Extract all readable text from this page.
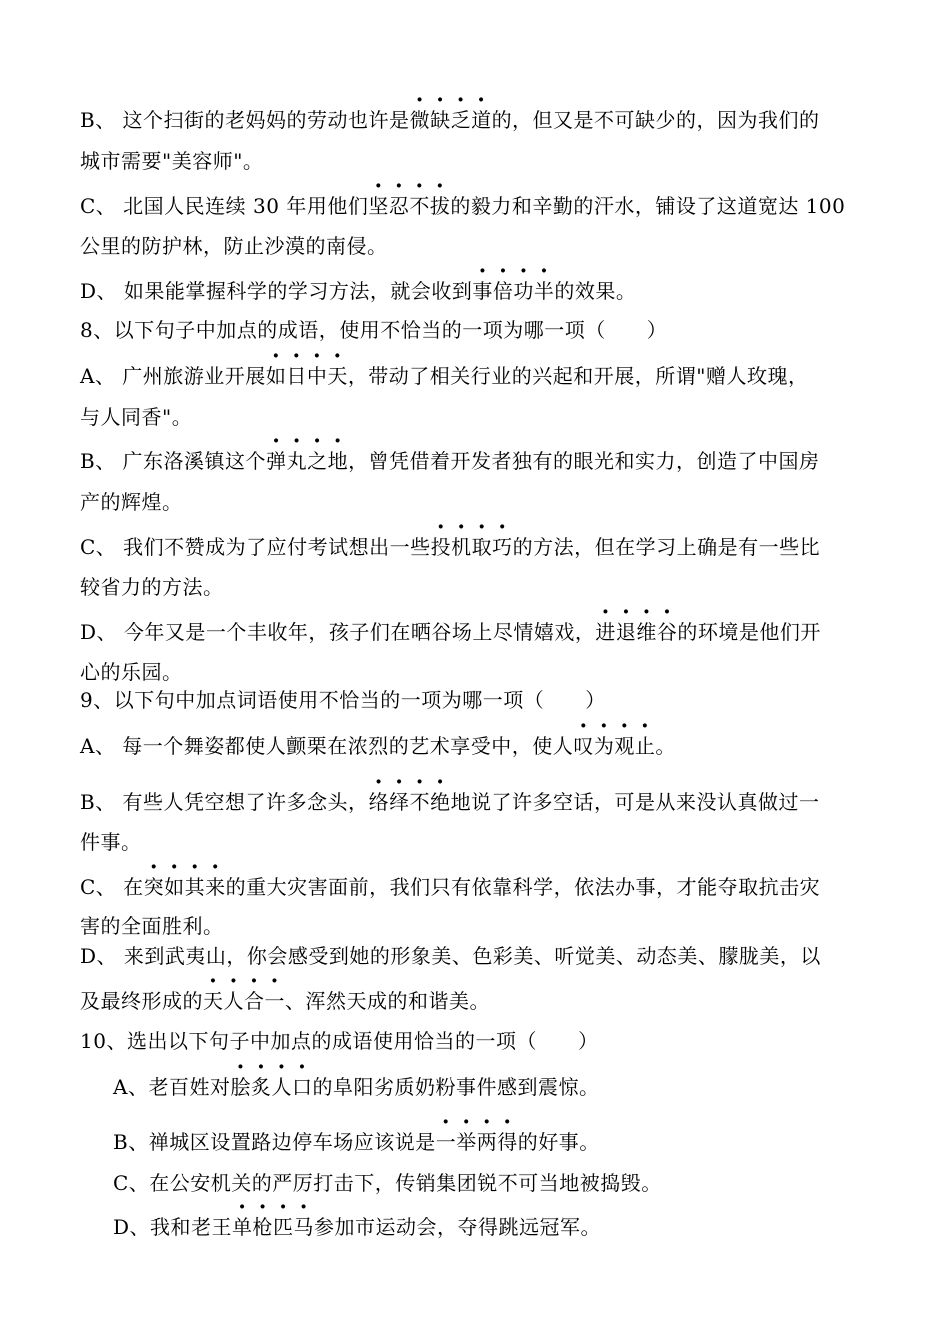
B、 这个扫街的老妈妈的劳动也许是微缺乏道的，但又是不可缺少的，因为我们的
城市需要"美容师"。
C、 北国人民连续 30 年用他们坚忍不拔的毅力和辛勤的汗水，铺设了这道宽达 100
公里的防护林，防止沙漠的南侵。
D、 如果能掌握科学的学习方法，就会收到事倍功半的效果。
8、以下句子中加点的成语，使用不恰当的一项为哪一项（　　）
A、 广州旅游业开展如日中天，带动了相关行业的兴起和开展，所谓"赠人玫瑰，
与人同香"。
B、 广东洛溪镇这个弹丸之地，曾凭借着开发者独有的眼光和实力，创造了中国房
产的辉煌。
C、 我们不赞成为了应付考试想出一些投机取巧的方法，但在学习上确是有一些比
较省力的方法。
D、 今年又是一个丰收年，孩子们在晒谷场上尽情嬉戏，进退维谷的环境是他们开
心的乐园。
9、以下句中加点词语使用不恰当的一项为哪一项（　　）
A、 每一个舞姿都使人颤栗在浓烈的艺术享受中，使人叹为观止。
B、 有些人凭空想了许多念头，络绎不绝地说了许多空话，可是从来没认真做过一
件事。
C、 在突如其来的重大灾害面前，我们只有依靠科学，依法办事，才能夺取抗击灾
害的全面胜利。
D、 来到武夷山，你会感受到她的形象美、色彩美、听觉美、动态美、朦胧美，以
及最终形成的天人合一、浑然天成的和谐美。
10、选出以下句子中加点的成语使用恰当的一项（　　）
A、老百姓对脍炙人口的阜阳劣质奶粉事件感到震惊。
B、禅城区设置路边停车场应该说是一举两得的好事。
C、在公安机关的严厉打击下，传销集团锐不可当地被捣毁。
D、我和老王单枪匹马参加市运动会，夺得跳远冠军。
